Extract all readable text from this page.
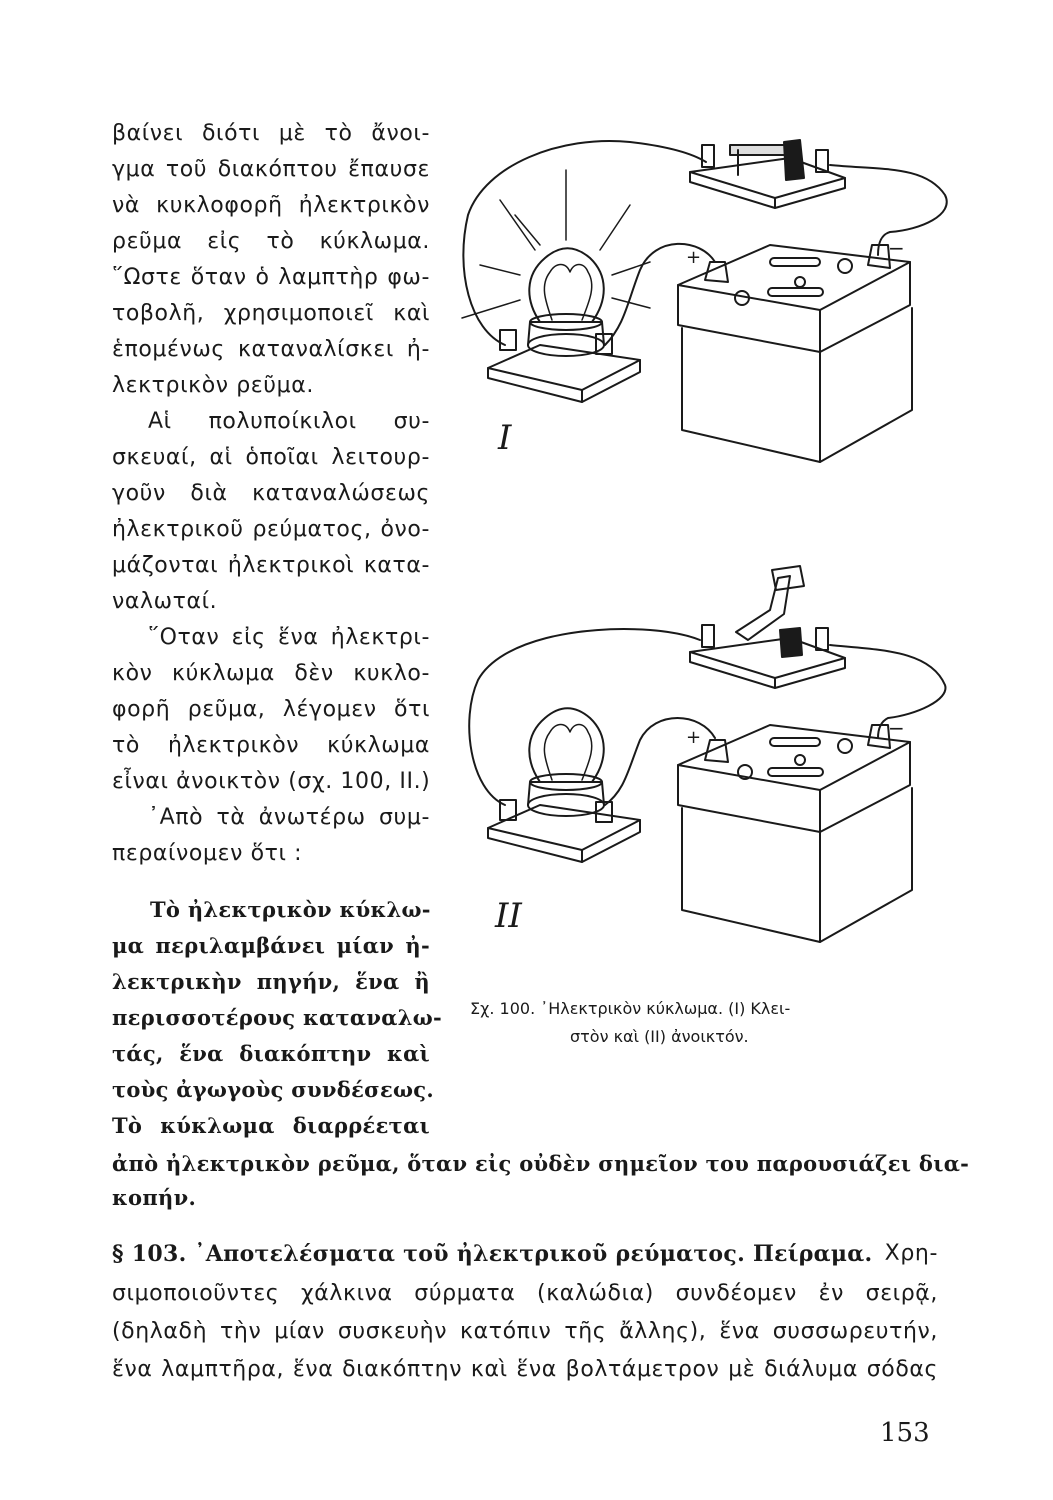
βαίνει διότι μὲ τὸ ἄνοι-
γμα τοῦ διακόπτου ἔπαυσε
νὰ κυκλοφορῆ ἠλεκτρικὸν
ρεῦμα εἰς τὸ κύκλωμα.
῞Ωστε ὅταν ὁ λαμπτὴρ φω-
τοβολῆ, χρησιμοποιεῖ καὶ
ἑπομένως καταναλίσκει ἠ-
λεκτρικὸν ρεῦμα.
Αἱ πολυποίκιλοι συ-
σκευαί, αἱ ὁποῖαι λειτουρ-
γοῦν διὰ καταναλώσεως
ἠλεκτρικοῦ ρεύματος, ὀνο-
μάζονται ἠλεκτρικοὶ κατα-
ναλωταί.
῞Οταν εἰς ἕνα ἠλεκτρι-
κὸν κύκλωμα δὲν κυκλο-
φορῆ ρεῦμα, λέγομεν ὅτι
τὸ ἠλεκτρικὸν κύκλωμα
εἶναι ἀνοικτὸν (σχ. 100, II.)
᾿Απὸ τὰ ἀνωτέρω συμ-
περαίνομεν ὅτι :
Τὸ ἠλεκτρικὸν κύκλω-
μα περιλαμβάνει μίαν ἠ-
λεκτρικὴν πηγήν, ἕνα ἢ
περισσοτέρους καταναλω-
τάς, ἕνα διακόπτην καὶ
τοὺς ἀγωγοὺς συνδέσεως.
Τὸ κύκλωμα διαρρέεται
ἀπὸ ἠλεκτρικὸν ρεῦμα, ὅταν εἰς οὐδὲν σημεῖον του παρουσιάζει δια-
κοπήν.
I
II
+	−
+	−
Σχ. 100. ᾿Ηλεκτρικὸν κύκλωμα. (I) Κλει-
στὸν καὶ (II) ἀνοικτόν.
§ 103. ᾿Αποτελέσματα τοῦ ἠλεκτρικοῦ ρεύματος. Πείραμα. Χρη-
σιμοποιοῦντες χάλκινα σύρματα (καλώδια) συνδέομεν ἐν σειρᾷ,
(δηλαδὴ τὴν μίαν συσκευὴν κατόπιν τῆς ἄλλης), ἕνα συσσωρευτήν,
ἕνα λαμπτῆρα, ἕνα διακόπτην καὶ ἕνα βολτάμετρον μὲ διάλυμα σόδας
153
